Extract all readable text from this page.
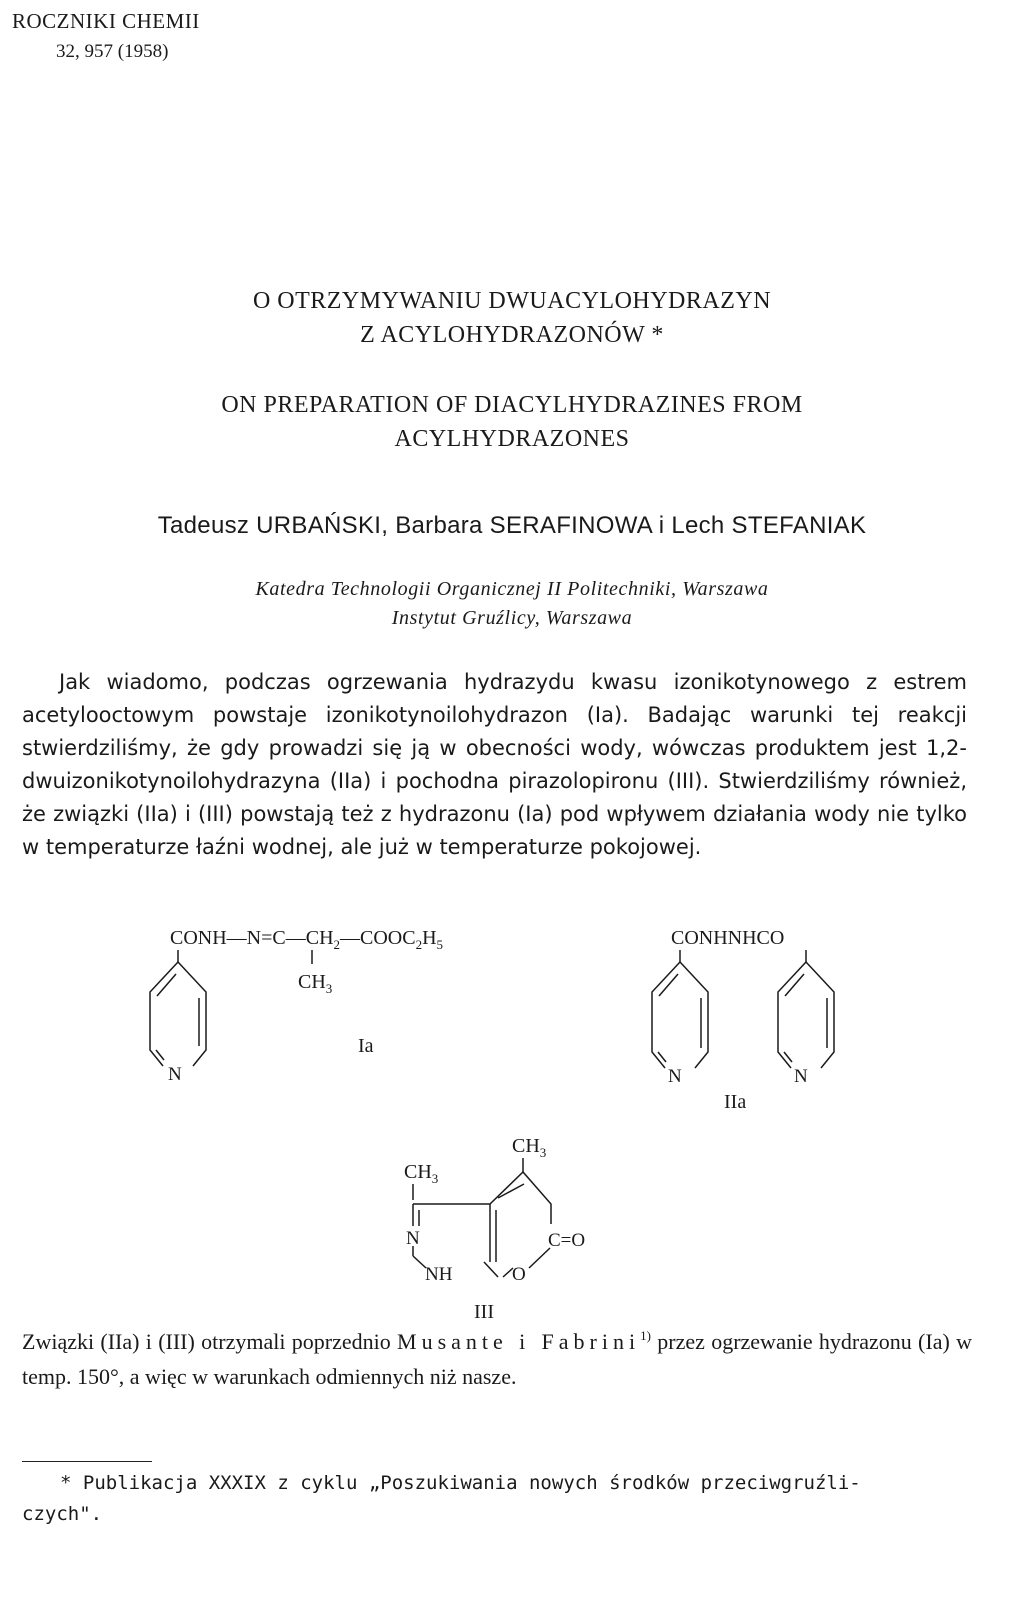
ROCZNIKI CHEMII
32, 957 (1958)
O OTRZYMYWANIU DWUACYLOHYDRAZYN
Z ACYLOHYDRAZONÓW *
ON PREPARATION OF DIACYLHYDRAZINES FROM
ACYLHYDRAZONES
Tadeusz URBAŃSKI, Barbara SERAFINOWA i Lech STEFANIAK
Katedra Technologii Organicznej II Politechniki, Warszawa
Instytut Gruźlicy, Warszawa

Jak wiadomo, podczas ogrzewania hydrazydu kwasu izonikotynowego z estrem acetylooctowym powstaje izonikotynoilohydrazon (Ia). Badając warunki tej reakcji stwierdziliśmy, że gdy prowadzi się ją w obecności wody, wówczas produktem jest 1,2-dwuizonikotynoilohydrazyna (IIa) i pochodna pirazolopironu (III). Stwierdziliśmy również, że związki (IIa) i (III) powstają też z hydrazonu (Ia) pod wpływem działania wody nie tylko w temperaturze łaźni wodnej, ale już w temperaturze pokojowej.

$CONH—N=C—CH_2—COOC_2H_5$
$CH_3$
N
Ia
CONHNHCO
N	N
IIa
$CH_3$
$CH_3$
N
NH	O
C=O
III

Związki (IIa) i (III) otrzymali poprzednio Musante i Fabrini$^{1)}$ przez ogrzewanie hydrazonu (Ia) w temp. 150°, a więc w warunkach odmiennych niż nasze.

* Publikacja XXXIX z cyklu „Poszukiwania nowych środków przeciwgruźli-
czych".
